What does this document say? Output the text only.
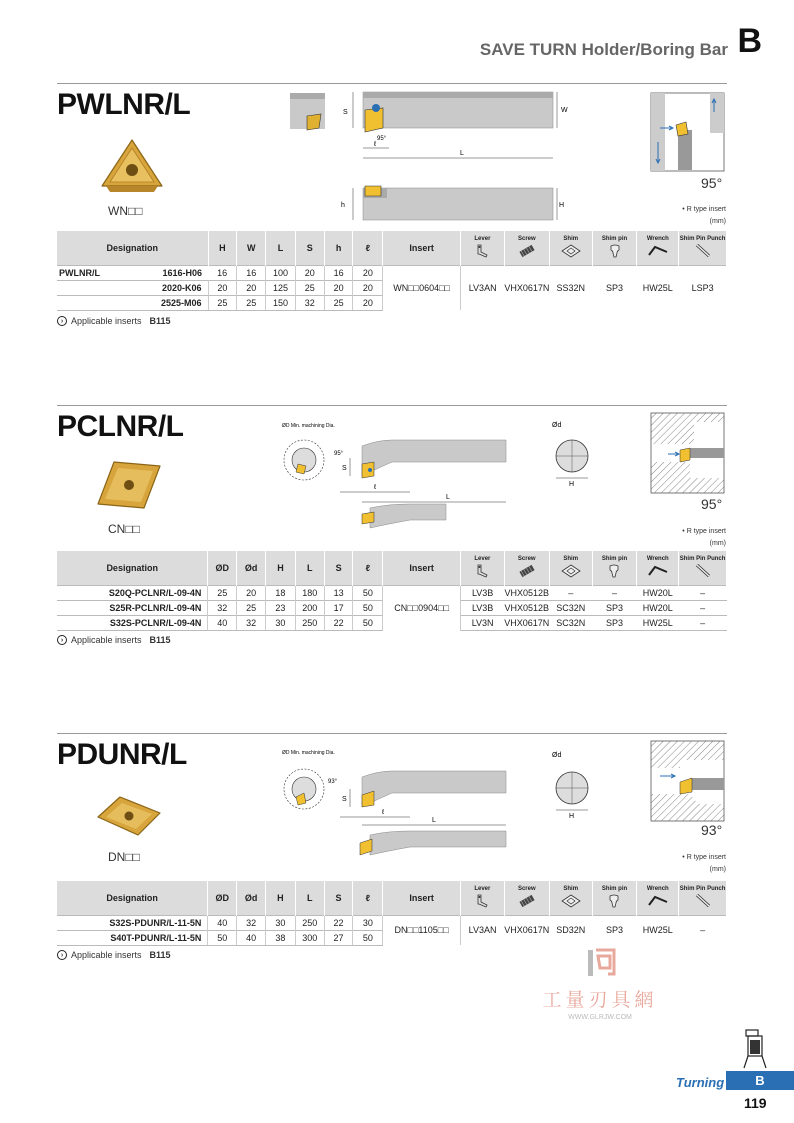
SAVE TURN Holder/Boring Bar B
PWLNR/L
WN□□
S	W
L
ℓ
95°
h	H
95°
• R type insert
(mm)
Designation	H	W	L	S	h	ℓ	Insert	Lever	Screw	Shim	Shim pin	Wrench	Shim Pin Punch

PWLNR/L 1616-H06	16	16	100	20	16	20	WN□□0604□□	LV3AN	VHX0617N	SS32N	SP3	HW25L	LSP3
2020-K06	20	20	125	25	20	20							
2525-M06	25	25	150	32	25	20							
› Applicable inserts B115
PCLNR/L
CN□□
ØD Min. machining Dia.
95°
S
ℓ
L
Ød
H
95°
• R type insert
(mm)
Designation	ØD	Ød	H	L	S	ℓ	Insert	Lever	Screw	Shim	Shim pin	Wrench	Shim Pin Punch

S20Q-PCLNR/L-09-4N	25	20	18	180	13	50	CN□□0904□□	LV3B	VHX0512B	–	–	HW20L	–
S25R-PCLNR/L-09-4N	32	25	23	200	17	50		LV3B	VHX0512B	SC32N	SP3	HW20L	–
S32S-PCLNR/L-09-4N	40	32	30	250	22	50		LV3N	VHX0617N	SC32N	SP3	HW25L	–
› Applicable inserts B115
PDUNR/L
DN□□
ØD Min. machining Dia.
93°
S
ℓ
L
Ød
H
93°
• R type insert
(mm)
Designation	ØD	Ød	H	L	S	ℓ	Insert	Lever	Screw	Shim	Shim pin	Wrench	Shim Pin Punch

S32S-PDUNR/L-11-5N	40	32	30	250	22	30	DN□□1105□□	LV3AN	VHX0617N	SD32N	SP3	HW25L	–
S40T-PDUNR/L-11-5N	50	40	38	300	27	50							
› Applicable inserts B115
工量刃具網
WWW.GLRJW.COM
Turning	B
119
